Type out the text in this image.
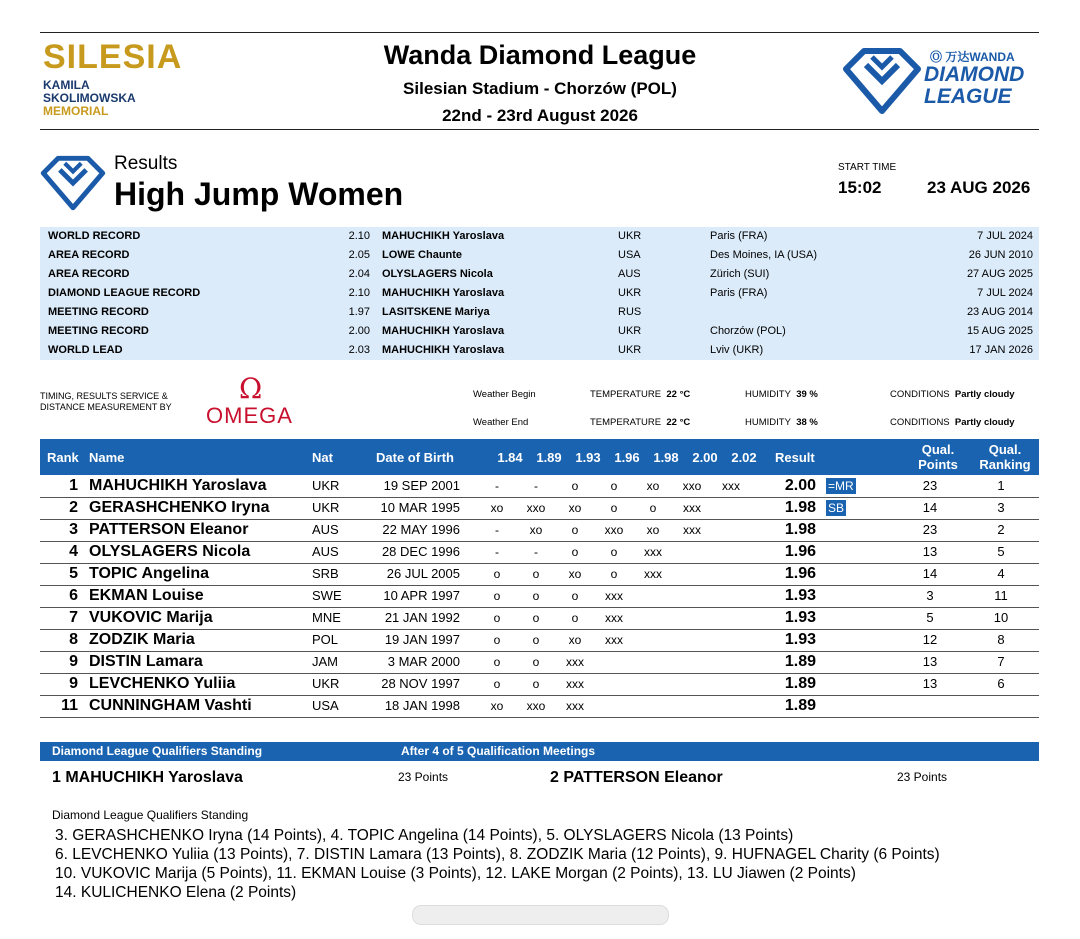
SILESIA
KAMILA
SKOLIMOWSKA
MEMORIAL
Wanda Diamond League
Silesian Stadium - Chorzów (POL)
22nd - 23rd August 2026
Ⓞ 万达WANDA
DIAMOND
LEAGUE
Results
High Jump Women
START TIME
15:02	23 AUG 2026
WORLD RECORD	2.10 MAHUCHIKH Yaroslava	UKR	Paris (FRA)	7 JUL 2024
AREA RECORD	2.05 LOWE Chaunte	USA	Des Moines, IA (USA)	26 JUN 2010
AREA RECORD	2.04 OLYSLAGERS Nicola	AUS	Zürich (SUI)	27 AUG 2025
DIAMOND LEAGUE RECORD	2.10 MAHUCHIKH Yaroslava	UKR	Paris (FRA)	7 JUL 2024
MEETING RECORD	1.97 LASITSKENE Mariya	RUS	23 AUG 2014
MEETING RECORD	2.00 MAHUCHIKH Yaroslava	UKR	Chorzów (POL)	15 AUG 2025
WORLD LEAD	2.03 MAHUCHIKH Yaroslava	UKR	Lviv (UKR)	17 JAN 2026
TIMING, RESULTS SERVICE &
DISTANCE MEASUREMENT BY
Ω
OMEGA
Weather Begin	TEMPERATURE 22 °C	HUMIDITY 39 %	CONDITIONS Partly cloudy
Weather End	TEMPERATURE 22 °C	HUMIDITY 38 %	CONDITIONS Partly cloudy
Rank Name	Nat	Date of Birth	Result
Qual.
Points
Qual.
Ranking
1.84	1.89	1.93	1.96	1.98	2.00	2.02
1 MAHUCHIKH Yaroslava	UKR	19 SEP 2001	-	-	o	o	xo	xxo	xxx	2.00 =MR	23	1
2 GERASHCHENKO Iryna	UKR	10 MAR 1995	xo	xxo	xo	o	o	xxx	1.98 SB	14	3
3 PATTERSON Eleanor	AUS	22 MAY 1996	-	xo	o	xxo	xo	xxx	1.98	23	2
4 OLYSLAGERS Nicola	AUS	28 DEC 1996	-	-	o	o	xxx	1.96	13	5
5 TOPIC Angelina	SRB	26 JUL 2005	o	o	xo	o	xxx	1.96	14	4
6 EKMAN Louise	SWE	10 APR 1997	o	o	o	xxx	1.93	3	11
7 VUKOVIC Marija	MNE	21 JAN 1992	o	o	o	xxx	1.93	5	10
8 ZODZIK Maria	POL	19 JAN 1997	o	o	xo	xxx	1.93	12	8
9 DISTIN Lamara	JAM	3 MAR 2000	o	o	xxx	1.89	13	7
9 LEVCHENKO Yuliia	UKR	28 NOV 1997	o	o	xxx	1.89	13	6
11 CUNNINGHAM Vashti	USA	18 JAN 1998	xo	xxo	xxx	1.89
Diamond League Qualifiers Standing	After 4 of 5 Qualification Meetings
1 MAHUCHIKH Yaroslava	23 Points	2 PATTERSON Eleanor	23 Points
Diamond League Qualifiers Standing
3. GERASHCHENKO Iryna (14 Points), 4. TOPIC Angelina (14 Points), 5. OLYSLAGERS Nicola (13 Points)
6. LEVCHENKO Yuliia (13 Points), 7. DISTIN Lamara (13 Points), 8. ZODZIK Maria (12 Points), 9. HUFNAGEL Charity (6 Points)
10. VUKOVIC Marija (5 Points), 11. EKMAN Louise (3 Points), 12. LAKE Morgan (2 Points), 13. LU Jiawen (2 Points)
14. KULICHENKO Elena (2 Points)
